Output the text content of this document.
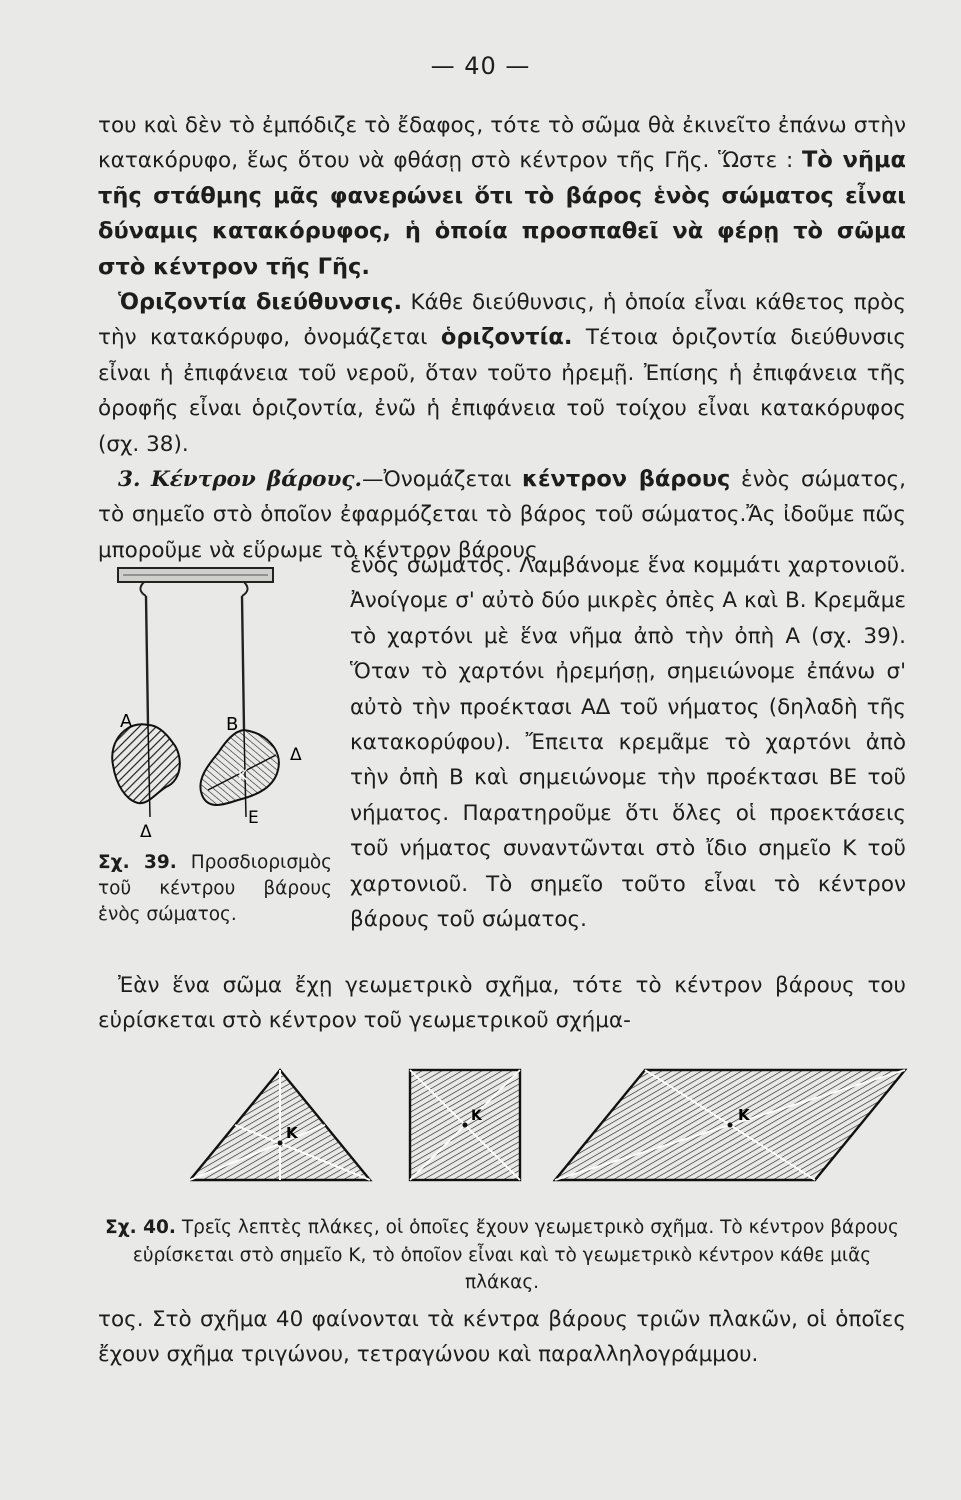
— 40 —

του καὶ δὲν τὸ ἐμπόδιζε τὸ ἔδαφος, τότε τὸ σῶμα θὰ ἐκινεῖτο ἐπάνω στὴν κατακόρυφο, ἕως ὅτου νὰ φθάσῃ στὸ κέντρον τῆς Γῆς. Ὥστε : Τὸ νῆμα τῆς στάθμης μᾶς φανερώνει ὅτι τὸ βάρος ἑνὸς σώματος εἶναι δύναμις κατακόρυφος, ἡ ὁποία προσπαθεῖ νὰ φέρῃ τὸ σῶμα στὸ κέντρον τῆς Γῆς.

Ὁριζοντία διεύθυνσις. Κάθε διεύθυνσις, ἡ ὁποία εἶναι κάθετος πρὸς τὴν κατακόρυφο, ὀνομάζεται ὁριζοντία. Τέτοια ὁριζοντία διεύθυνσις εἶναι ἡ ἐπιφάνεια τοῦ νεροῦ, ὅταν τοῦτο ἠρεμῇ. Ἐπίσης ἡ ἐπιφάνεια τῆς ὀροφῆς εἶναι ὁριζοντία, ἐνῶ ἡ ἐπιφάνεια τοῦ τοίχου εἶναι κατακόρυφος (σχ. 38).

3. Κέντρον βάρους.—Ὀνομάζεται κέντρον βάρους ἑνὸς σώματος, τὸ σημεῖο στὸ ὁποῖον ἐφαρμόζεται τὸ βάρος τοῦ σώματος.Ἄς ἰδοῦμε πῶς μποροῦμε νὰ εὕρωμε τὸ κέντρον βάρους

Α	Β
Δ
Κ
Δ
Ε
ἑνὸς σώματος. Λαμβάνομε ἕνα κομμάτι χαρτονιοῦ. Ἀνοίγομε σ' αὐτὸ δύο μικρὲς ὀπὲς Α καὶ Β. Κρεμᾶμε τὸ χαρτόνι μὲ ἕνα νῆμα ἀπὸ τὴν ὀπὴ Α (σχ. 39). Ὅταν τὸ χαρτόνι ἠρεμήσῃ, σημειώνομε ἐπάνω σ' αὐτὸ τὴν προέκτασι ΑΔ τοῦ νήματος (δηλαδὴ τῆς κατακορύφου). Ἔπειτα κρεμᾶμε τὸ χαρτόνι ἀπὸ τὴν ὀπὴ Β καὶ σημειώνομε τὴν προέκτασι ΒΕ τοῦ νήματος. Παρατηροῦμε ὅτι ὅλες οἱ προεκτάσεις τοῦ νήματος συναντῶνται στὸ ἴδιο σημεῖο Κ τοῦ χαρτονιοῦ. Τὸ σημεῖο τοῦτο εἶναι τὸ κέντρον βάρους τοῦ σώματος.
Σχ. 39. Προσδιορισμὸς τοῦ κέντρου βάρους ἑνὸς σώματος.

Ἐὰν ἕνα σῶμα ἔχῃ γεωμετρικὸ σχῆμα, τότε τὸ κέντρον βάρους του εὑρίσκεται στὸ κέντρον τοῦ γεωμετρικοῦ σχήμα-

Κ
Κ	Κ
Σχ. 40. Τρεῖς λεπτὲς πλάκες, οἱ ὁποῖες ἔχουν γεωμετρικὸ σχῆμα. Τὸ κέντρον βάρους εὑρίσκεται στὸ σημεῖο Κ, τὸ ὁποῖον εἶναι καὶ τὸ γεωμετρικὸ κέντρον κάθε μιᾶς πλάκας.

τος. Στὸ σχῆμα 40 φαίνονται τὰ κέντρα βάρους τριῶν πλακῶν, οἱ ὁποῖες ἔχουν σχῆμα τριγώνου, τετραγώνου καὶ παραλληλογράμμου.
